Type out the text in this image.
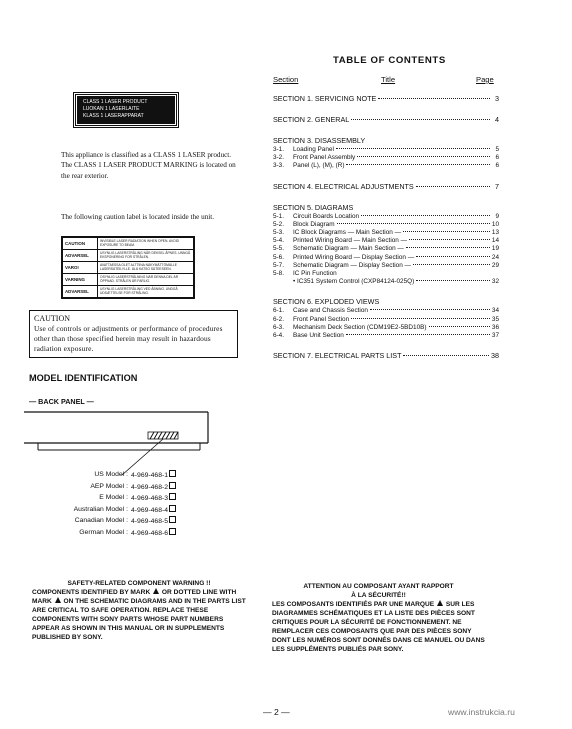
CLASS 1 LASER PRODUCT
LUOKAN 1 LASERLAITE
KLASS 1 LASERAPPARAT
This appliance is classified as a CLASS 1 LASER product. The CLASS 1 LASER PRODUCT MARKING is located on the rear exterior.
The following caution label is located inside the unit.
CAUTION	INVISIBLE LASER RADIATION WHEN OPEN. AVOID EXPOSURE TO BEAM.
ADVARSEL	USYNLIG LASERSTRÅLING NÅR DEKSEL ÅPNES. UNNGÅ EKSPONERING FOR STRÅLEN.
VARO!	AVATTAESSA OLET ALTTIINA NÄKYMÄTTÖMÄLLE LASERSÄTEILYLLE. ÄLÄ KATSO SÄTEESEEN.
VARNING	OSYNLIG LASERSTRÅLNING NÄR DENNA DEL ÄR ÖPPNAD. STRÅLEN ÄR FARLIG.
ADVARSEL	USYNLIG LASERSTRÅLING VED ÅBNING. UNDGÅ UDSÆTTELSE FOR STRÅLING.
CAUTION
Use of controls or adjustments or performance of procedures other than those specified herein may result in hazardous radiation exposure.
MODEL IDENTIFICATION
— BACK PANEL —
US Model : 4-969-468-1
AEP Model : 4-969-468-2
E Model : 4-969-468-3
Australian Model : 4-969-468-4
Canadian Model : 4-969-468-5
German Model : 4-969-468-6
TABLE OF CONTENTS
Section	Title	Page
SECTION 1. SERVICING NOTE	3
SECTION 2. GENERAL	4
SECTION 3. DISASSEMBLY
3-1. Loading Panel	5
3-2. Front Panel Assembly	6
3-3. Panel (L), (M), (R)	6
SECTION 4. ELECTRICAL ADJUSTMENTS	7
SECTION 5. DIAGRAMS
5-1. Circuit Boards Location	9
5-2. Block Diagram	10
5-3. IC Block Diagrams — Main Section —	13
5-4. Printed Wiring Board — Main Section —	14
5-5. Schematic Diagram — Main Section —	19
5-6. Printed Wiring Board — Display Section —	24
5-7. Schematic Diagram — Display Section —	29
5-8. IC Pin Function
• IC351 System Control (CXP84124-025Q)	32
SECTION 6. EXPLODED VIEWS
6-1. Case and Chassis Section	34
6-2. Front Panel Section	35
6-3. Mechanism Deck Section (CDM19E2-5BD10B)	36
6-4. Base Unit Section	37
SECTION 7. ELECTRICAL PARTS LIST	38
SAFETY-RELATED COMPONENT WARNING !!
COMPONENTS IDENTIFIED BY MARK OR DOTTED LINE WITH MARK ON THE SCHEMATIC DIAGRAMS AND IN THE PARTS LIST ARE CRITICAL TO SAFE OPERATION. REPLACE THESE COMPONENTS WITH SONY PARTS WHOSE PART NUMBERS APPEAR AS SHOWN IN THIS MANUAL OR IN SUPPLEMENTS PUBLISHED BY SONY.
ATTENTION AU COMPOSANT AYANT RAPPORT
À LA SÉCURITÉ!!
LES COMPOSANTS IDENTIFIÉS PAR UNE MARQUE SUR LES DIAGRAMMES SCHÉMATIQUES ET LA LISTE DES PIÈCES SONT CRITIQUES POUR LA SÉCURITÉ DE FONCTIONNEMENT. NE REMPLACER CES COMPOSANTS QUE PAR DES PIÈCES SONY DONT LES NUMÉROS SONT DONNÉS DANS CE MANUEL OU DANS LES SUPPLÉMENTS PUBLIÉS PAR SONY.
— 2 —	www.instrukcia.ru
